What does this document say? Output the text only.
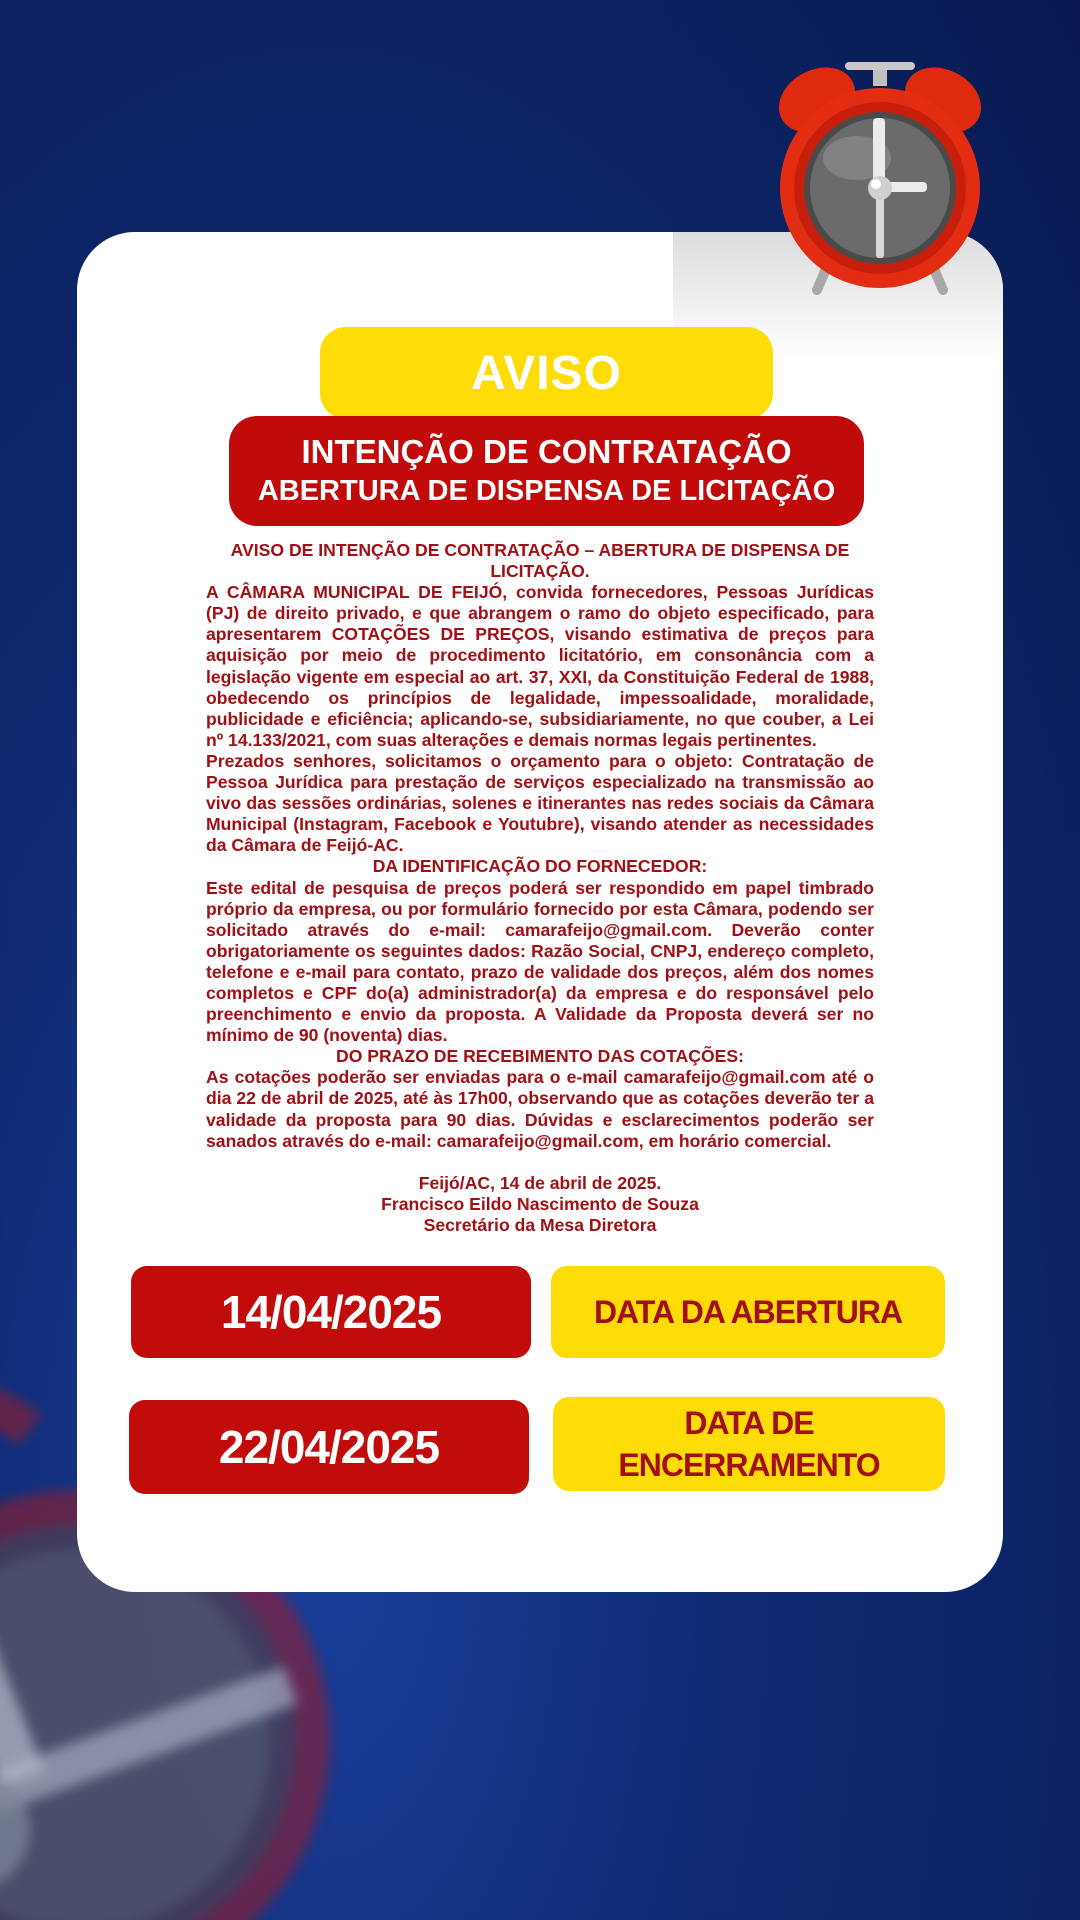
AVISO
INTENÇÃO DE CONTRATAÇÃO
ABERTURA DE DISPENSA DE LICITAÇÃO

AVISO DE INTENÇÃO DE CONTRATAÇÃO – ABERTURA DE DISPENSA DE LICITAÇÃO.

A CÂMARA MUNICIPAL DE FEIJÓ, convida fornecedores, Pessoas Jurídicas (PJ) de direito privado, e que abrangem o ramo do objeto especificado, para apresentarem COTAÇÕES DE PREÇOS, visando estimativa de preços para aquisição por meio de procedimento licitatório, em consonância com a legislação vigente em especial ao art. 37, XXI, da Constituição Federal de 1988, obedecendo os princípios de legalidade, impessoalidade, moralidade, publicidade e eficiência; aplicando-se, subsidiariamente, no que couber, a Lei nº 14.133/2021, com suas alterações e demais normas legais pertinentes.

Prezados senhores, solicitamos o orçamento para o objeto: Contratação de Pessoa Jurídica para prestação de serviços especializado na transmissão ao vivo das sessões ordinárias, solenes e itinerantes nas redes sociais da Câmara Municipal (Instagram, Facebook e Youtubre), visando atender as necessidades da Câmara de Feijó-AC.

DA IDENTIFICAÇÃO DO FORNECEDOR:

Este edital de pesquisa de preços poderá ser respondido em papel timbrado próprio da empresa, ou por formulário fornecido por esta Câmara, podendo ser solicitado através do e-mail: camarafeijo@gmail.com. Deverão conter obrigatoriamente os seguintes dados: Razão Social, CNPJ, endereço completo, telefone e e-mail para contato, prazo de validade dos preços, além dos nomes completos e CPF do(a) administrador(a) da empresa e do responsável pelo preenchimento e envio da proposta. A Validade da Proposta deverá ser no mínimo de 90 (noventa) dias.

DO PRAZO DE RECEBIMENTO DAS COTAÇÕES:

As cotações poderão ser enviadas para o e-mail camarafeijo@gmail.com até o dia 22 de abril de 2025, até às 17h00, observando que as cotações deverão ter a validade da proposta para 90 dias. Dúvidas e esclarecimentos poderão ser sanados através do e-mail: camarafeijo@gmail.com, em horário comercial.

Feijó/AC, 14 de abril de 2025.

Francisco Eildo Nascimento de Souza

Secretário da Mesa Diretora

14/04/2025	DATA DA ABERTURA
22/04/2025	DATA DE
ENCERRAMENTO
